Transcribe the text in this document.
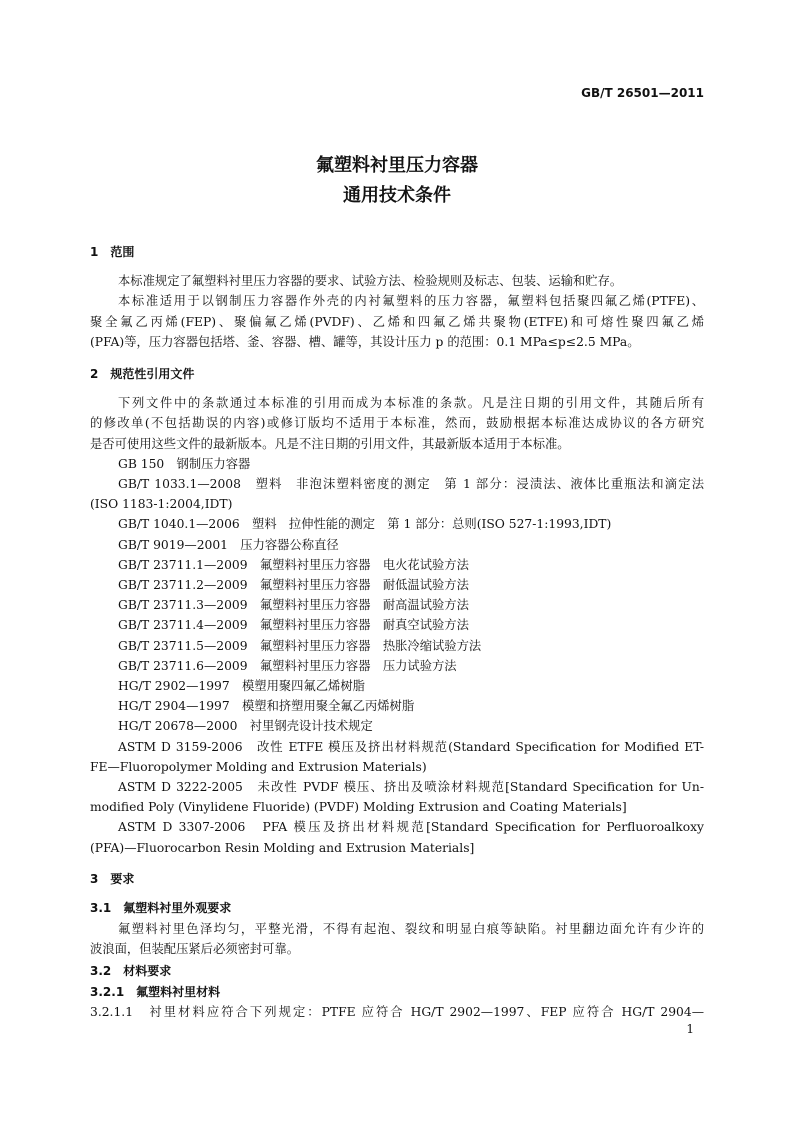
GB/T 26501—2011
氟塑料衬里压力容器
通用技术条件
1　范围
本标准规定了氟塑料衬里压力容器的要求、试验方法、检验规则及标志、包装、运输和贮存。
本标准适用于以钢制压力容器作外壳的内衬氟塑料的压力容器，氟塑料包括聚四氟乙烯(PTFE)、
聚全氟乙丙烯(FEP)、聚偏氟乙烯(PVDF)、乙烯和四氟乙烯共聚物(ETFE)和可熔性聚四氟乙烯
(PFA)等，压力容器包括塔、釜、容器、槽、罐等，其设计压力 p 的范围：0.1 MPa≤p≤2.5 MPa。
2　规范性引用文件
下列文件中的条款通过本标准的引用而成为本标准的条款。凡是注日期的引用文件，其随后所有
的修改单(不包括勘误的内容)或修订版均不适用于本标准，然而，鼓励根据本标准达成协议的各方研究
是否可使用这些文件的最新版本。凡是不注日期的引用文件，其最新版本适用于本标准。
GB 150　钢制压力容器
GB/T 1033.1—2008　塑料　非泡沫塑料密度的测定　第 1 部分：浸渍法、液体比重瓶法和滴定法
(ISO 1183-1:2004,IDT)
GB/T 1040.1—2006　塑料　拉伸性能的测定　第 1 部分：总则(ISO 527-1:1993,IDT)
GB/T 9019—2001　压力容器公称直径
GB/T 23711.1—2009　氟塑料衬里压力容器　电火花试验方法
GB/T 23711.2—2009　氟塑料衬里压力容器　耐低温试验方法
GB/T 23711.3—2009　氟塑料衬里压力容器　耐高温试验方法
GB/T 23711.4—2009　氟塑料衬里压力容器　耐真空试验方法
GB/T 23711.5—2009　氟塑料衬里压力容器　热胀冷缩试验方法
GB/T 23711.6—2009　氟塑料衬里压力容器　压力试验方法
HG/T 2902—1997　模塑用聚四氟乙烯树脂
HG/T 2904—1997　模塑和挤塑用聚全氟乙丙烯树脂
HG/T 20678—2000　衬里钢壳设计技术规定
ASTM D 3159-2006　改性 ETFE 模压及挤出材料规范(Standard Specification for Modified ET-
FE—Fluoropolymer Molding and Extrusion Materials)
ASTM D 3222-2005　未改性 PVDF 模压、挤出及喷涂材料规范[Standard Specification for Un-
modified Poly (Vinylidene Fluoride) (PVDF) Molding Extrusion and Coating Materials]
ASTM D 3307-2006　PFA 模压及挤出材料规范[Standard Specification for Perfluoroalkoxy
(PFA)—Fluorocarbon Resin Molding and Extrusion Materials]
3　要求
3.1　氟塑料衬里外观要求
氟塑料衬里色泽均匀，平整光滑，不得有起泡、裂纹和明显白痕等缺陷。衬里翻边面允许有少许的
波浪面，但装配压紧后必须密封可靠。
3.2　材料要求
3.2.1　氟塑料衬里材料
3.2.1.1　衬里材料应符合下列规定：PTFE 应符合 HG/T 2902—1997、FEP 应符合 HG/T 2904—
1
